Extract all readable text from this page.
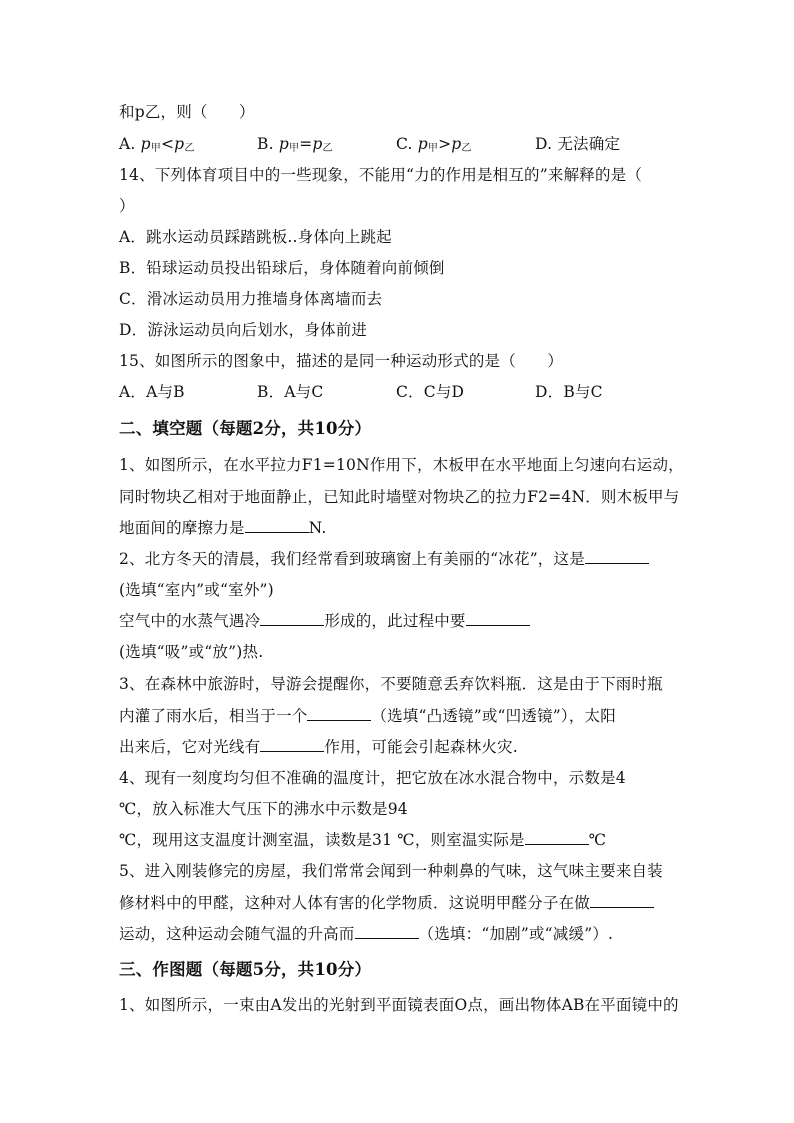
和p乙，则（　　）
A. $p_甲<p_乙$	B. $p_甲=p_乙$	C. $p_甲>p_乙$	D. 无法确定
14、下列体育项目中的一些现象，不能用“力的作用是相互的”来解释的是（
）
A．跳水运动员踩踏跳板..身体向上跳起
B．铅球运动员投出铅球后，身体随着向前倾倒
C．滑冰运动员用力推墙身体离墙而去
D．游泳运动员向后划水，身体前进
15、如图所示的图象中，描述的是同一种运动形式的是（　　）
A．A与B	B．A与C	C．C与D	D．B与C
二、填空题（每题2分，共10分）
1、如图所示，在水平拉力F1=10N作用下，木板甲在水平地面上匀速向右运动，
同时物块乙相对于地面静止，已知此时墙壁对物块乙的拉力F2=4N．则木板甲与
地面间的摩擦力是	N.
2、北方冬天的清晨，我们经常看到玻璃窗上有美丽的“冰花”，这是
(选填“室内”或“室外”)
空气中的水蒸气遇冷	形成的，此过程中要
(选填“吸”或“放”)热.
3、在森林中旅游时，导游会提醒你，不要随意丢弃饮料瓶．这是由于下雨时瓶
内灌了雨水后，相当于一个	（选填“凸透镜”或“凹透镜”），太阳
出来后，它对光线有	作用，可能会引起森林火灾.
4、现有一刻度均匀但不准确的温度计，把它放在冰水混合物中，示数是4
℃，放入标准大气压下的沸水中示数是94
℃，现用这支温度计测室温，读数是31 ℃，则室温实际是	℃
5、进入刚装修完的房屋，我们常常会闻到一种刺鼻的气味，这气味主要来自装
修材料中的甲醛，这种对人体有害的化学物质．这说明甲醛分子在做
运动，这种运动会随气温的升高而	（选填：“加剧”或“减缓”）.
三、作图题（每题5分，共10分）
1、如图所示，一束由A发出的光射到平面镜表面O点，画出物体AB在平面镜中的
